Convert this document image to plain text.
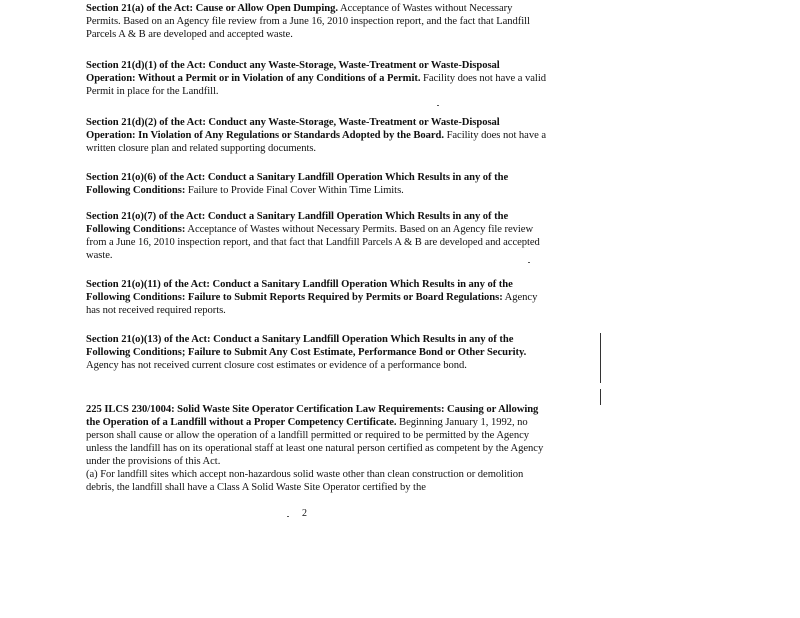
Section 21(a) of the Act: Cause or Allow Open Dumping. Acceptance of Wastes without Necessary Permits. Based on an Agency file review from a June 16, 2010 inspection report, and the fact that Landfill Parcels A & B are developed and accepted waste.
Section 21(d)(1) of the Act: Conduct any Waste-Storage, Waste-Treatment or Waste-Disposal Operation: Without a Permit or in Violation of any Conditions of a Permit. Facility does not have a valid Permit in place for the Landfill.
Section 21(d)(2) of the Act: Conduct any Waste-Storage, Waste-Treatment or Waste-Disposal Operation: In Violation of Any Regulations or Standards Adopted by the Board. Facility does not have a written closure plan and related supporting documents.
Section 21(o)(6) of the Act: Conduct a Sanitary Landfill Operation Which Results in any of the Following Conditions: Failure to Provide Final Cover Within Time Limits.
Section 21(o)(7) of the Act: Conduct a Sanitary Landfill Operation Which Results in any of the Following Conditions: Acceptance of Wastes without Necessary Permits. Based on an Agency file review from a June 16, 2010 inspection report, and that fact that Landfill Parcels A & B are developed and accepted waste.
Section 21(o)(11) of the Act: Conduct a Sanitary Landfill Operation Which Results in any of the Following Conditions: Failure to Submit Reports Required by Permits or Board Regulations: Agency has not received required reports.
Section 21(o)(13) of the Act: Conduct a Sanitary Landfill Operation Which Results in any of the Following Conditions; Failure to Submit Any Cost Estimate, Performance Bond or Other Security. Agency has not received current closure cost estimates or evidence of a performance bond.
225 ILCS 230/1004: Solid Waste Site Operator Certification Law Requirements: Causing or Allowing the Operation of a Landfill without a Proper Competency Certificate. Beginning January 1, 1992, no person shall cause or allow the operation of a landfill permitted or required to be permitted by the Agency unless the landfill has on its operational staff at least one natural person certified as competent by the Agency under the provisions of this Act.
(a) For landfill sites which accept non-hazardous solid waste other than clean construction or demolition debris, the landfill shall have a Class A Solid Waste Site Operator certified by the
2
